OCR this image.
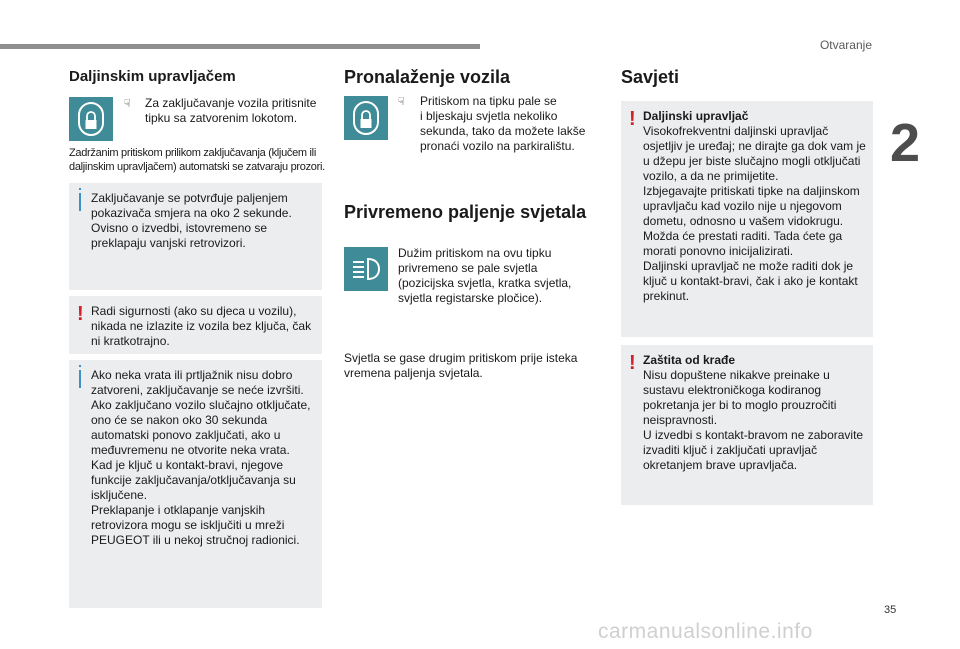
Otvaranje
2
Daljinskim upravljačem
☟ Za zaključavanje vozila pritisnite
tipku sa zatvorenim lokotom.
Zadržanim pritiskom prilikom zaključavanja (ključem ili
daljinskim upravljačem) automatski se zatvaraju prozori.
Zaključavanje se potvrđuje paljenjem
pokazivača smjera na oko 2 sekunde.
Ovisno o izvedbi, istovremeno se
preklapaju vanjski retrovizori.
! Radi sigurnosti (ako su djeca u vozilu),
nikada ne izlazite iz vozila bez ključa, čak
ni kratkotrajno.
Ako neka vrata ili prtljažnik nisu dobro
zatvoreni, zaključavanje se neće izvršiti.
Ako zaključano vozilo slučajno otključate,
ono će se nakon oko 30 sekunda
automatski ponovo zaključati, ako u
međuvremenu ne otvorite neka vrata.
Kad je ključ u kontakt-bravi, njegove
funkcije zaključavanja/otključavanja su
isključene.
Preklapanje i otklapanje vanjskih
retrovizora mogu se isključiti u mreži
PEUGEOT ili u nekoj stručnoj radionici.
Pronalaženje vozila
☟ Pritiskom na tipku pale se
i bljeskaju svjetla nekoliko
sekunda, tako da možete lakše
pronaći vozilo na parkiralištu.
Privremeno paljenje svjetala
Dužim pritiskom na ovu tipku
privremeno se pale svjetla
(pozicijska svjetla, kratka svjetla,
svjetla registarske pločice).
Svjetla se gase drugim pritiskom prije isteka
vremena paljenja svjetala.
Savjeti
! Daljinski upravljač
Visokofrekventni daljinski upravljač
osjetljiv je uređaj; ne dirajte ga dok vam je
u džepu jer biste slučajno mogli otključati
vozilo, a da ne primijetite.
Izbjegavajte pritiskati tipke na daljinskom
upravljaču kad vozilo nije u njegovom
dometu, odnosno u vašem vidokrugu.
Možda će prestati raditi. Tada ćete ga
morati ponovno inicijalizirati.
Daljinski upravljač ne može raditi dok je
ključ u kontakt-bravi, čak i ako je kontakt
prekinut.
! Zaštita od krađe
Nisu dopuštene nikakve preinake u
sustavu elektroničkoga kodiranog
pokretanja jer bi to moglo prouzročiti
neispravnosti.
U izvedbi s kontakt-bravom ne zaboravite
izvaditi ključ i zaključati upravljač
okretanjem brave upravljača.
35
carmanualsonline.info
